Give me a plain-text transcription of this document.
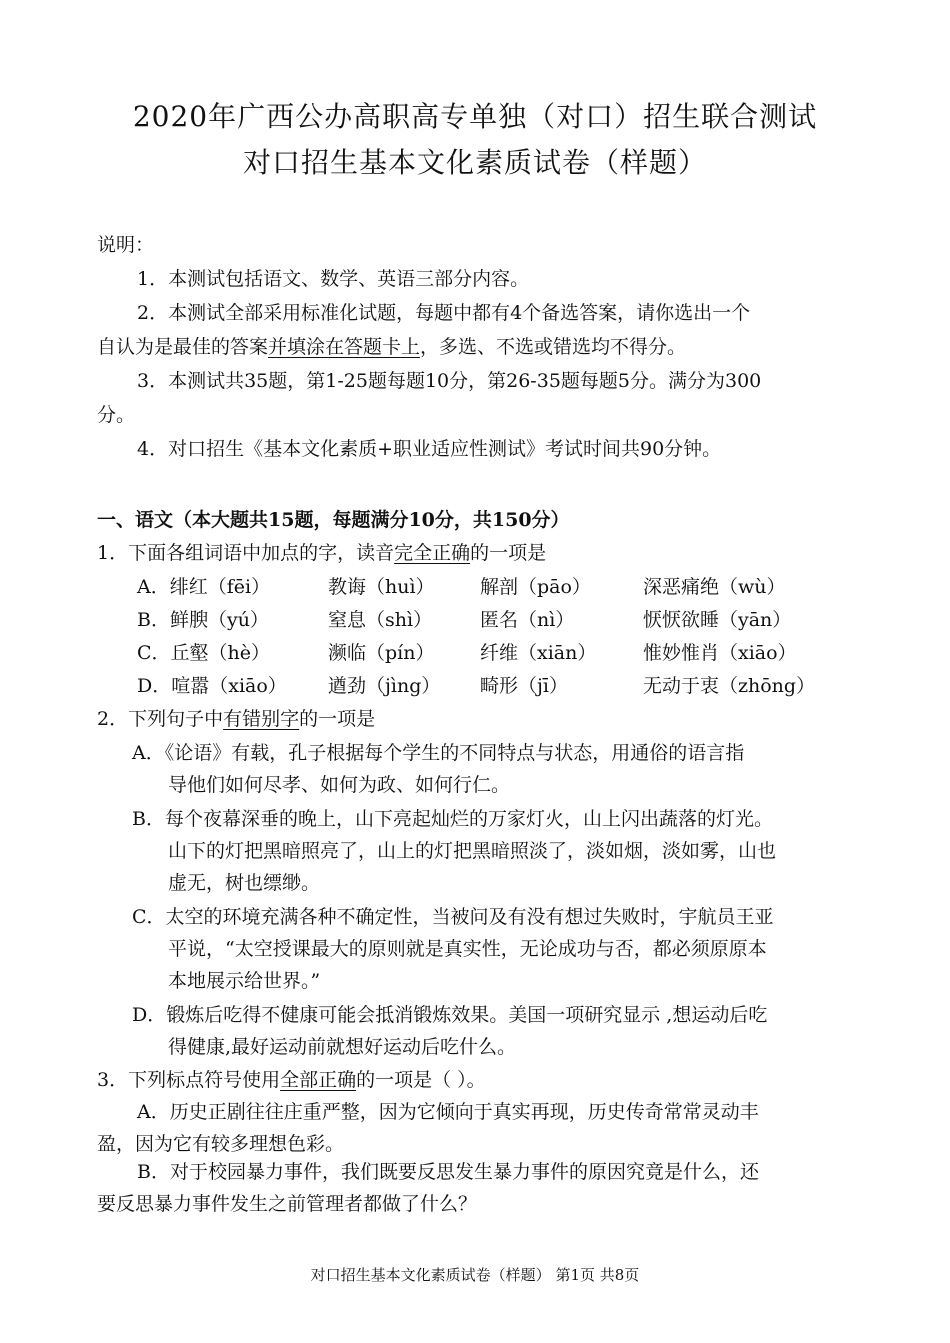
2020年广西公办高职高专单独（对口）招生联合测试
对口招生基本文化素质试卷（样题）
说明：
1．本测试包括语文、数学、英语三部分内容。
2．本测试全部采用标准化试题，每题中都有4个备选答案，请你选出一个
自认为是最佳的答案并填涂在答题卡上，多选、不选或错选均不得分。
3．本测试共35题，第1-25题每题10分，第26-35题每题5分。满分为300
分。
4．对口招生《基本文化素质+职业适应性测试》考试时间共90分钟。
一、语文（本大题共15题，每题满分10分，共150分）
1．下面各组词语中加点的字，读音完全正确的一项是
A．绯红（fēi）	教诲（huì） 解剖（pāo）	深恶痛绝（wù）
B．鲜腴（yú）	窒息（shì）	匿名（nì）	恹恹欲睡（yān）
C．丘壑（hè）	濒临（pín） 纤维（xiān） 惟妙惟肖（xiāo）
D．喧嚣（xiāo） 遒劲（jìng） 畸形（jī）	无动于衷（zhōng）
2．下列句子中有错别字的一项是
A．《论语》有载，孔子根据每个学生的不同特点与状态，用通俗的语言指
导他们如何尽孝、如何为政、如何行仁。
B．每个夜幕深垂的晚上，山下亮起灿烂的万家灯火，山上闪出蔬落的灯光。
山下的灯把黑暗照亮了，山上的灯把黑暗照淡了，淡如烟，淡如雾，山也
虚无，树也缥缈。
C．太空的环境充满各种不确定性，当被问及有没有想过失败时，宇航员王亚
平说，“太空授课最大的原则就是真实性，无论成功与否，都必须原原本
本地展示给世界。”
D．锻炼后吃得不健康可能会抵消锻炼效果。美国一项研究显示 ,想运动后吃
得健康,最好运动前就想好运动后吃什么。
3．下列标点符号使用全部正确的一项是（ ）。
A．历史正剧往往庄重严整，因为它倾向于真实再现，历史传奇常常灵动丰
盈，因为它有较多理想色彩。
B．对于校园暴力事件，我们既要反思发生暴力事件的原因究竟是什么，还
要反思暴力事件发生之前管理者都做了什么？
对口招生基本文化素质试卷（样题） 第1页 共8页
